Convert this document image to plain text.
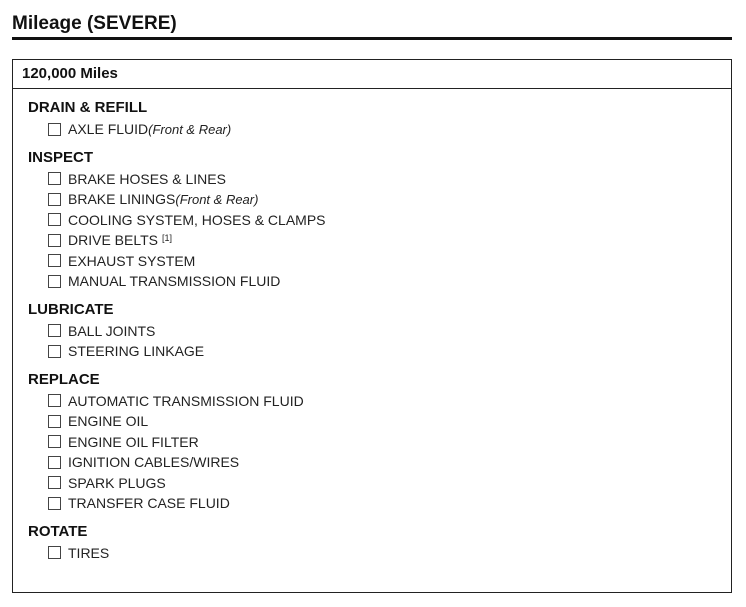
Mileage (SEVERE)
120,000 Miles
DRAIN & REFILL
AXLE FLUID (Front & Rear)
INSPECT
BRAKE HOSES & LINES
BRAKE LININGS (Front & Rear)
COOLING SYSTEM, HOSES & CLAMPS
DRIVE BELTS [1]
EXHAUST SYSTEM
MANUAL TRANSMISSION FLUID
LUBRICATE
BALL JOINTS
STEERING LINKAGE
REPLACE
AUTOMATIC TRANSMISSION FLUID
ENGINE OIL
ENGINE OIL FILTER
IGNITION CABLES/WIRES
SPARK PLUGS
TRANSFER CASE FLUID
ROTATE
TIRES
